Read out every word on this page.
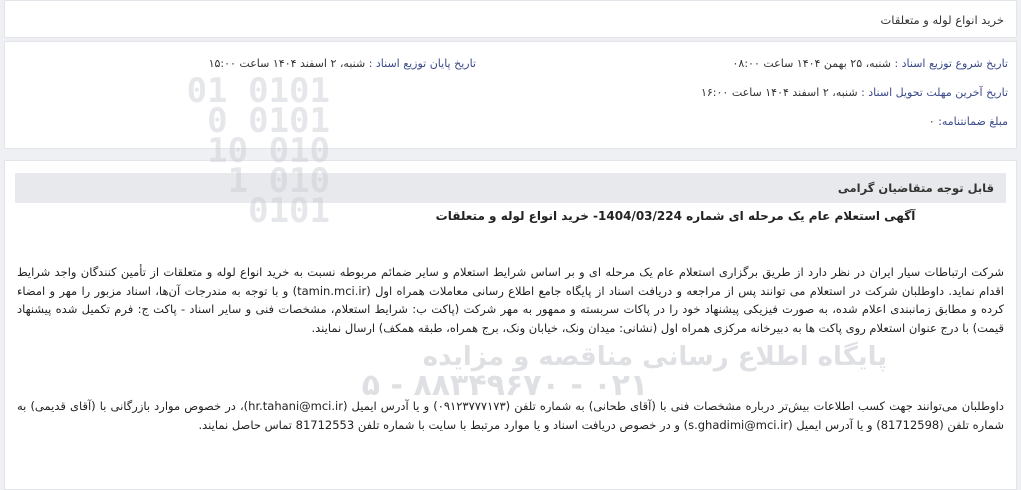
خرید انواع لوله و متعلقات
تاریخ شروع توزیع اسناد : شنبه، ۲۵ بهمن ۱۴۰۴ ساعت ۰۸:۰۰
تاریخ پایان توزیع اسناد : شنبه، ۲ اسفند ۱۴۰۴ ساعت ۱۵:۰۰
تاریخ آخرین مهلت تحویل اسناد : شنبه، ۲ اسفند ۱۴۰۴ ساعت ۱۶:۰۰
مبلغ ضمانتنامه: ۰
قابل توجه متقاضیان گرامی
آگهی استعلام عام یک مرحله ای شماره 1404/03/224- خرید انواع لوله و متعلقات
شرکت ارتباطات سیار ایران در نظر دارد از طریق برگزاری استعلام عام یک مرحله ای و بر اساس شرایط استعلام و سایر ضمائم مربوطه نسبت به خرید انواع لوله و متعلقات از تأمین کنندگان واجد شرایط اقدام نماید. داوطلبان شرکت در استعلام می توانند پس از مراجعه و دریافت اسناد از پایگاه جامع اطلاع رسانی معاملات همراه اول (tamin.mci.ir) و با توجه به مندرجات آن‌ها، اسناد مزبور را مهر و امضاء کرده و مطابق زمانبندی اعلام شده، به صورت فیزیکی پیشنهاد خود را در پاکات سربسته و ممهور به مهر شرکت (پاکت ب: شرایط استعلام، مشخصات فنی و سایر اسناد - پاکت ج: فرم تکمیل شده پیشنهاد قیمت) با درج عنوان استعلام روی پاکت ها به دبیرخانه مرکزی همراه اول (نشانی: میدان ونک، خیابان ونک، برج همراه، طبقه همکف) ارسال نمایند.
داوطلبان می‌توانند جهت کسب اطلاعات بیش‌تر درباره مشخصات فنی با (آقای طحانی) به شماره تلفن (۰۹۱۲۳۷۷۷۱۷۳) و یا آدرس ایمیل (hr.tahani@mci.ir)، در خصوص موارد بازرگانی با (آقای قدیمی) به شماره تلفن (81712598) و یا آدرس ایمیل (s.ghadimi@mci.ir) و در خصوص دریافت اسناد و یا موارد مرتبط با سایت با شماره تلفن 81712553 تماس حاصل نمایند.
0101 01
0101 0
010 10
010 1
0101
پایگاه اطلاع رسانی مناقصه و مزایده
۰۲۱ - ۸۸۳۴۹۶۷۰ - ۵
